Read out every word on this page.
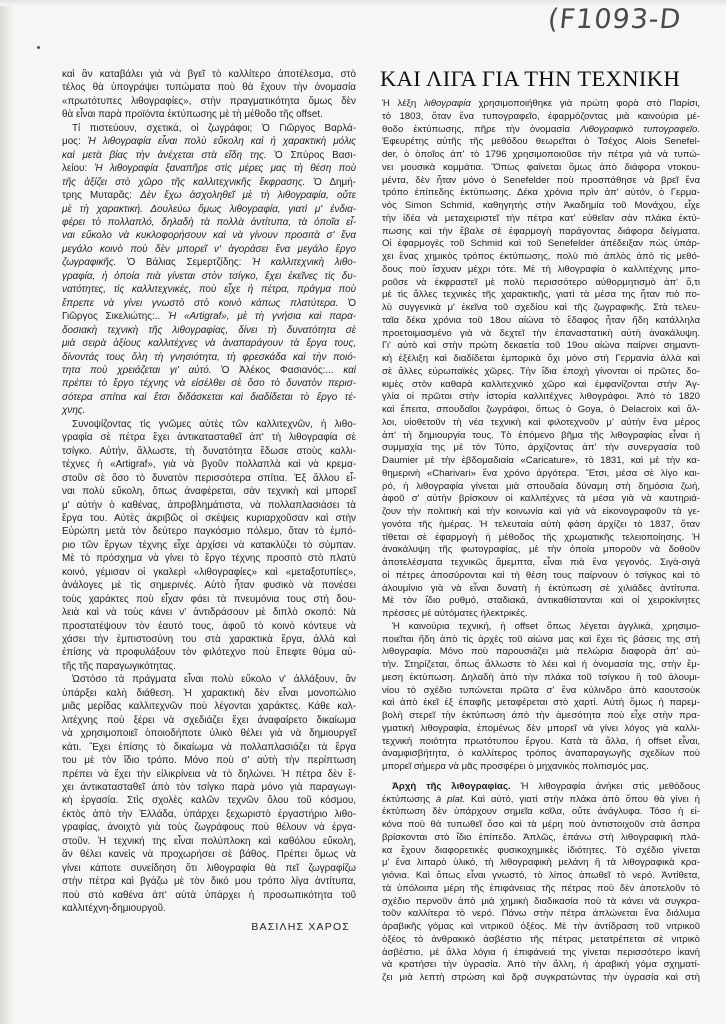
(F1093-D
καὶ ἂν καταβάλει γιὰ νὰ βγεῖ τὸ καλλίτερο ἀποτέλεσμα, στὸ
τέλος θὰ ὑπογράψει τυπώματα ποὺ θὰ ἔχουν τὴν ὀνομασία
«πρωτότυπες λιθογραφίες», στὴν πραγματικότητα ὅμως δὲν
θὰ εἶναι παρὰ προϊόντα ἐκτύπωσης μὲ τὴ μέθοδο τῆς offset.
Τί πιστεύουν, σχετικά, οἱ ζωγράφοι; Ὁ Γιῶργος Βαρλά-
μος: Ἡ λιθογραφία εἶναι πολὺ εὔκολη καὶ ἡ χαρακτικὴ μόλις
καὶ μετὰ βίας τὴν ἀνέχεται στὰ εἴδη της. Ὁ Σπύρος Βασι-
λείου: Ἡ λιθογραφία ξαναπῆρε στὶς μέρες μας τὴ θέση ποὺ
τῆς ἀξίζει στὸ χῶρο τῆς καλλιτεχνικῆς ἔκφρασης. Ὁ Δημή-
τρης Μυταρᾶς: Δὲν ἔχω ἀσχοληθεῖ μὲ τὴ λιθογραφία, οὔτε
μὲ τὴ χαρακτική. Δουλεύω ὅμως λιθογραφία, γιατὶ μ' ἐνδια-
φέρει τὸ πολλαπλό, δηλαδὴ τὰ πολλὰ ἀντίτυπα, τὰ ὁποῖα εἶ-
ναι εὔκολο νὰ κυκλοφορήσουν καὶ νὰ γίνουν προσιτὰ σ' ἕνα
μεγάλο κοινὸ ποὺ δὲν μπορεῖ ν' ἀγοράσει ἕνα μεγάλο ἔργο
ζωγραφικῆς. Ὁ Βάλιας Σεμερτζίδης: Ἡ καλλιτεχνικὴ λιθο-
γραφία, ἡ ὁποία πιὰ γίνεται στὸν τσίγκο, ἔχει ἐκεῖνες τὶς δυ-
νατότητες, τὶς καλλιτεχνικές, ποὺ εἶχε ἡ πέτρα, πράγμα ποὺ
ἔπρεπε νὰ γίνει γνωστὸ στὸ κοινὸ κάπως πλατύτερα. Ὁ
Γιῶργος Σικελιώτης:.. Ἡ «Artigraf», μὲ τὴ γνήσια καὶ παρα-
δοσιακὴ τεχνικὴ τῆς λιθογραφίας, δίνει τὴ δυνατότητα σὲ
μιὰ σειρὰ ἀξίους καλλιτέχνες νὰ ἀναπαράγουν τὰ ἔργα τους,
δίνοντάς τους ὅλη τὴ γνησιότητα, τὴ φρεσκάδα καὶ τὴν ποιό-
τητα ποὺ χρειάζεται γι' αὐτό. Ὁ Ἀλέκος Φασιανός:... καὶ
πρέπει τὸ ἔργο τέχνης νὰ εἰσέλθει σὲ ὅσο τὸ δυνατὸν περισ-
σότερα σπίτια καὶ ἔτσι διδάσκεται καὶ διαδίδεται τὸ ἔργο τέ-
χνης.
Συνοψίζοντας τὶς γνῶμες αὐτὲς τῶν καλλιτεχνῶν, ἡ λιθο-
γραφία σὲ πέτρα ἔχει ἀντικατασταθεῖ ἀπ' τὴ λιθογραφία σὲ
τσίγκο. Αὐτήν, ἄλλωστε, τὴ δυνατότητα ἔδωσε στοὺς καλλι-
τέχνες ἡ «Artigraf», γιὰ νὰ βγοῦν πολλαπλὰ καὶ νὰ κρεμα-
στοῦν σὲ ὅσο τὸ δυνατὸν περισσότερα σπίτια. Ἐξ ἄλλου εἶ-
ναι πολὺ εὔκολη, ὅπως ἀναφέρεται, σὰν τεχνικὴ καὶ μπορεῖ
μ' αὐτὴν ὁ καθένας, ἀπροβλημάτιστα, νὰ πολλαπλασιάσει τὰ
ἔργα του. Αὐτὲς ἀκριβῶς οἱ σκέψεις κυριαρχοῦσαν καὶ στὴν
Εὐρώπη μετὰ τὸν δεύτερο παγκόσμιο πόλεμο, ὅταν τὸ ἐμπό-
ριο τῶν ἔργων τέχνης εἶχε ἀρχίσει νὰ κατακλύζει τὸ σύμπαν.
Μὲ τὸ πρόσχημα νὰ γίνει τὸ ἔργο τέχνης προσιτὸ στὸ πλατὺ
κοινό, γέμισαν οἱ γκαλερὶ «λιθογραφίες» καὶ «μεταξοτυπίες»,
ἀνάλογες μὲ τὶς σημερινές. Αὐτὸ ἦταν φυσικὸ νὰ πονέσει
τοὺς χαράκτες ποὺ εἶχαν φάει τὰ πνευμόνια τους στὴ δου-
λειὰ καὶ νὰ τοὺς κάνει ν' ἀντιδράσουν μὲ διπλὸ σκοπό: Νὰ
προστατέψουν τὸν ἑαυτό τους, ἀφοῦ τὸ κοινὸ κόντευε νὰ
χάσει τὴν ἐμπιστοσύνη του στὰ χαρακτικὰ ἔργα, ἀλλὰ καὶ
ἐπίσης νὰ προφυλάξουν τὸν φιλότεχνο ποὺ ἔπεφτε θύμα αὐ-
τῆς τῆς παραγωγικότητας.
Ὡστόσο τὰ πράγματα εἶναι πολὺ εὔκολο ν' ἀλλάξουν, ἂν
ὑπάρξει καλὴ διάθεση. Ἡ χαρακτικὴ δὲν εἶναι μονοπώλιο
μιᾶς μερίδας καλλιτεχνῶν ποὺ λέγονται χαράκτες. Κάθε καλ-
λιτέχνης ποὺ ξέρει νὰ σχεδιάζει ἔχει ἀναφαίρετο δικαίωμα
νὰ χρησιμοποιεῖ ὁποιοδήποτε ὑλικὸ θέλει γιὰ νὰ δημιουργεῖ
κάτι. Ἔχει ἐπίσης τὸ δικαίωμα νὰ πολλαπλασιάζει τὰ ἔργα
του μὲ τὸν ἴδιο τρόπο. Μόνο ποὺ σ' αὐτὴ τὴν περίπτωση
πρέπει νὰ ἔχει τὴν εἰλικρίνεια νὰ τὸ δηλώνει. Ἡ πέτρα δὲν ἔ-
χει ἀντικατασταθεῖ ἀπὸ τὸν τσίγκο παρὰ μόνο γιὰ παραγωγι-
κὴ ἐργασία. Στὶς σχολὲς καλῶν τεχνῶν ὅλου τοῦ κόσμου,
ἐκτὸς ἀπὸ τὴν Ἑλλάδα, ὑπάρχει ξεχωριστὸ ἐργαστήριο λιθο-
γραφίας, ἀνοιχτὸ γιὰ τοὺς ζωγράφους ποὺ θέλουν νὰ ἐργα-
στοῦν. Ἡ τεχνική της εἶναι πολύπλοκη καὶ καθόλου εὔκολη,
ἂν θέλει κανεὶς νὰ προχωρήσει σὲ βάθος. Πρέπει ὅμως νὰ
γίνει κάποτε συνείδηση ὅτι λιθογραφία θὰ πεῖ ζωγραφίζω
στὴν πέτρα καὶ βγάζω μὲ τὸν δικό μου τρόπο λίγα ἀντίτυπα,
ποὺ στὸ καθένα ἀπ' αὐτὰ ὑπάρχει ἡ προσωπικότητα τοῦ
καλλιτέχνη-δημιουργοῦ.
ΒΑΣΙΛΗΣ ΧΑΡΟΣ
ΚΑΙ ΛΙΓΑ ΓΙΑ ΤΗΝ ΤΕΧΝΙΚΗ
Ἡ λέξη λιθογραφία χρησιμοποιήθηκε γιὰ πρώτη φορὰ στὸ Παρίσι,
τὸ 1803, ὅταν ἕνα τυπογραφεῖο, ἐφαρμόζοντας μιὰ καινούρια μέ-
θοδο ἐκτύπωσης, πῆρε τὴν ὀνομασία Λιθογραφικὸ τυπογραφεῖο.
Ἐφευρέτης αὐτῆς τῆς μεθόδου θεωρεῖται ὁ Τσέχος Alois Senefel-
der, ὁ ὁποῖος ἀπ' τὸ 1796 χρησιμοποιοῦσε τὴν πέτρα γιὰ νὰ τυπώ-
νει μουσικὰ κομμάτια. Ὅπως φαίνεται ὅμως ἀπὸ διάφορα ντοκου-
μέντα, δὲν ἦταν μόνο ὁ Senefelder ποὺ προσπάθησε νὰ βρεῖ ἕνα
τρόπο ἐπίπεδης ἐκτύπωσης. Δέκα χρόνια πρὶν ἀπ' αὐτόν, ὁ Γερμα-
νὸς Simon Schmid, καθηγητὴς στὴν Ἀκαδημία τοῦ Μονάχου, εἶχε
τὴν ἰδέα νὰ μεταχειριστεῖ τὴν πέτρα κατ' εὐθεῖαν σὰν πλάκα ἐκτύ-
πωσης καὶ τὴν ἔβαλε σὲ ἐφαρμογὴ παράγοντας διάφορα δείγματα.
Οἱ ἐφαρμογὲς τοῦ Schmid καὶ τοῦ Senefelder ἀπέδειξαν πὼς ὑπάρ-
χει ἕνας χημικὸς τρόπος ἐκτύπωσης, πολὺ πιὸ ἁπλὸς ἀπὸ τὶς μεθό-
δους ποὺ ἴσχυαν μέχρι τότε. Μὲ τὴ λιθογραφία ὁ καλλιτέχνης μπο-
ροῦσε νὰ ἐκφραστεῖ μὲ πολὺ περισσότερο αὐθορμητισμὸ ἀπ' ὅ,τι
μὲ τὶς ἄλλες τεχνικὲς τῆς χαρακτικῆς, γιατὶ τὰ μέσα της ἦταν πιὸ πο-
λὺ συγγενικὰ μ' ἐκεῖνα τοῦ σχεδίου καὶ τῆς ζωγραφικῆς. Στὰ τελευ-
ταῖα δέκα χρόνια τοῦ 18ου αἰώνα τὸ ἔδαφος ἦταν ἤδη κατάλληλα
προετοιμασμένο γιὰ νὰ δεχτεῖ τὴν ἐπαναστατικὴ αὐτὴ ἀνακάλυψη.
Γι' αὐτὸ καὶ στὴν πρώτη δεκαετία τοῦ 19ου αἰώνα παίρνει σημαντι-
κὴ ἐξέλιξη καὶ διαδίδεται ἐμπορικὰ ὄχι μόνο στὴ Γερμανία ἀλλὰ καὶ
σὲ ἄλλες εὐρωπαϊκὲς χῶρες. Τὴν ἴδια ἐποχὴ γίνονται οἱ πρῶτες δο-
κιμὲς στὸν καθαρὰ καλλιτεχνικὸ χῶρο καὶ ἐμφανίζονται στὴν Ἀγ-
γλία οἱ πρῶτοι στὴν ἱστορία καλλιτέχνες λιθογράφοι. Ἀπὸ τὸ 1820
καὶ ἔπειτα, σπουδαῖοι ζωγράφοι, ὅπως ὁ Goya, ὁ Delacroix καὶ ἄλ-
λοι, υἱοθετοῦν τὴ νέα τεχνικὴ καὶ φιλοτεχνοῦν μ' αὐτὴν ἕνα μέρος
ἀπ' τὴ δημιουργία τους. Τὸ ἑπόμενο βῆμα τῆς λιθογραφίας εἶναι ἡ
συμμαχία της μὲ τὸν Τύπο, ἀρχίζοντας ἀπ' τὴν συνεργασία τοῦ
Daumier μὲ τὴν ἑβδομαδιαία «Caricature», τὸ 1831, καὶ μὲ τὴν κα-
θημερινὴ «Charivari» ἕνα χρόνο ἀργότερα. Ἔτσι, μέσα σὲ λίγο και-
ρό, ἡ λιθογραφία γίνεται μιὰ σπουδαία δύναμη στὴ δημόσια ζωή,
ἀφοῦ σ' αὐτὴν βρίσκουν οἱ καλλιτέχνες τὰ μέσα γιὰ νὰ καυτηριά-
ζουν τὴν πολιτικὴ καὶ τὴν κοινωνία καὶ γιὰ νὰ εἰκονογραφοῦν τὰ γε-
γονότα τῆς ἡμέρας. Ἡ τελευταία αὐτὴ φάση ἀρχίζει τὸ 1837, ὅταν
τίθεται σὲ ἐφαρμογὴ ἡ μέθοδος τῆς χρωματικῆς τελειοποίησης. Ἡ
ἀνακάλυψη τῆς φωτογραφίας, μὲ τὴν ὁποία μποροῦν νὰ δοθοῦν
ἀποτελέσματα τεχνικῶς ἄμεμπτα, εἶναι πιὰ ἕνα γεγονός. Σιγὰ-σιγὰ
οἱ πέτρες ἀποσύρονται καὶ τὴ θέση τους παίρνουν ὁ τσίγκος καὶ τὸ
ἀλουμίνιο γιὰ νὰ εἶναι δυνατὴ ἡ ἐκτύπωση σὲ χιλιάδες ἀντίτυπα.
Μὲ τὸν ἴδιο ρυθμό, σταδιακά, ἀντικαθίστανται καὶ οἱ χειροκίνητες
πρέσσες μὲ αὐτόματες ἠλεκτρικές.
Ἡ καινούρια τεχνική, ἡ offset ὅπως λέγεται ἀγγλικά, χρησιμο-
ποιεῖται ἤδη ἀπὸ τὶς ἀρχὲς τοῦ αἰώνα μας καὶ ἔχει τὶς βάσεις της στὴ
λιθογραφία. Μόνο ποὺ παρουσιάζει μιὰ πελώρια διαφορὰ ἀπ' αὐ-
τήν. Στηρίζεται, ὅπως ἄλλωστε τὸ λέει καὶ ἡ ὀνομασία της, στὴν ἔμ-
μεση ἐκτύπωση. Δηλαδὴ ἀπὸ τὴν πλάκα τοῦ τσίγκου ἢ τοῦ ἀλουμι-
νίου τὸ σχέδιο τυπώνεται πρῶτα σ' ἕνα κύλινδρο ἀπὸ καουτσοὺκ
καὶ ἀπὸ ἐκεῖ ἐξ ἐπαφῆς μεταφέρεται στὸ χαρτί. Αὐτὴ ὅμως ἡ παρεμ-
βολὴ στερεῖ τὴν ἐκτύπωση ἀπὸ τὴν ἀμεσότητα ποὺ εἶχε στὴν πρα-
γματικὴ λιθογραφία, ἑπομένως δὲν μπορεῖ νὰ γίνει λόγος γιὰ καλλι-
τεχνικὴ ποιότητα πρωτότυπου ἔργου. Κατὰ τὰ ἄλλα, ἡ offset εἶναι,
ἀναμφισβήτητα, ὁ καλλίτερος τρόπος ἀναπαραγωγῆς σχεδίων ποὺ
μπορεῖ σήμερα νὰ μᾶς προσφέρει ὁ μηχανικὸς πολιτισμός μας.
Ἀρχὴ τῆς λιθογραφίας. Ἡ λιθογραφία ἀνήκει στὶς μεθόδους
ἐκτύπωσης à plat. Καὶ αὐτό, γιατὶ στὴν πλάκα ἀπὸ ὅπου θὰ γίνει ἡ
ἐκτύπωση δὲν ὑπάρχουν σημεῖα κοῖλα, οὔτε ἀνάγλυφα. Τόσο ἡ εἰ-
κόνα ποὺ θὰ τυπωθεῖ ὅσο καὶ τὰ μέρη ποὺ ἀντιστοιχοῦν στὰ ἄσπρα
βρίσκονται στὸ ἴδιο ἐπίπεδο. Ἁπλῶς, ἐπάνω στὴ λιθογραφικὴ πλά-
κα ἔχουν διαφορετικὲς φυσικοχημικὲς ἰδιότητες. Τὸ σχέδιο γίνεται
μ' ἕνα λιπαρὸ ὑλικό, τὴ λιθογραφικὴ μελάνη ἢ τὰ λιθογραφικὰ κρα-
γιόνια. Καὶ ὅπως εἶναι γνωστό, τὸ λίπος ἀπωθεῖ τὸ νερό. Ἀντίθετα,
τὰ ὑπόλοιπα μέρη τῆς ἐπιφάνειας τῆς πέτρας ποὺ δὲν ἀποτελοῦν τὸ
σχέδιο περνοῦν ἀπὸ μιὰ χημικὴ διαδικασία ποὺ τὰ κάνει νὰ συγκρα-
τοῦν καλλίτερα τὸ νερό. Πάνω στὴν πέτρα ἁπλώνεται ἕνα διάλυμα
ἀραβικῆς γόμας καὶ νιτρικοῦ ὀξέος. Μὲ τὴν ἀντίδραση τοῦ νιτρικοῦ
ὀξέος τὸ ἀνθρακικὸ ἀσβέστιο τῆς πέτρας μετατρέπεται σὲ νιτρικὸ
ἀσβέστιο, μὲ ἄλλα λόγια ἡ ἐπιφάνειά της γίνεται περισσότερο ἱκανὴ
νὰ κρατήσει τὴν ὑγρασία. Ἀπὸ τὴν ἄλλη, ἡ ἀραβικὴ γόμα σχηματί-
ζει μιὰ λεπτὴ στρώση καὶ δρᾷ συγκρατώντας τὴν ὑγρασία καὶ στὴ
